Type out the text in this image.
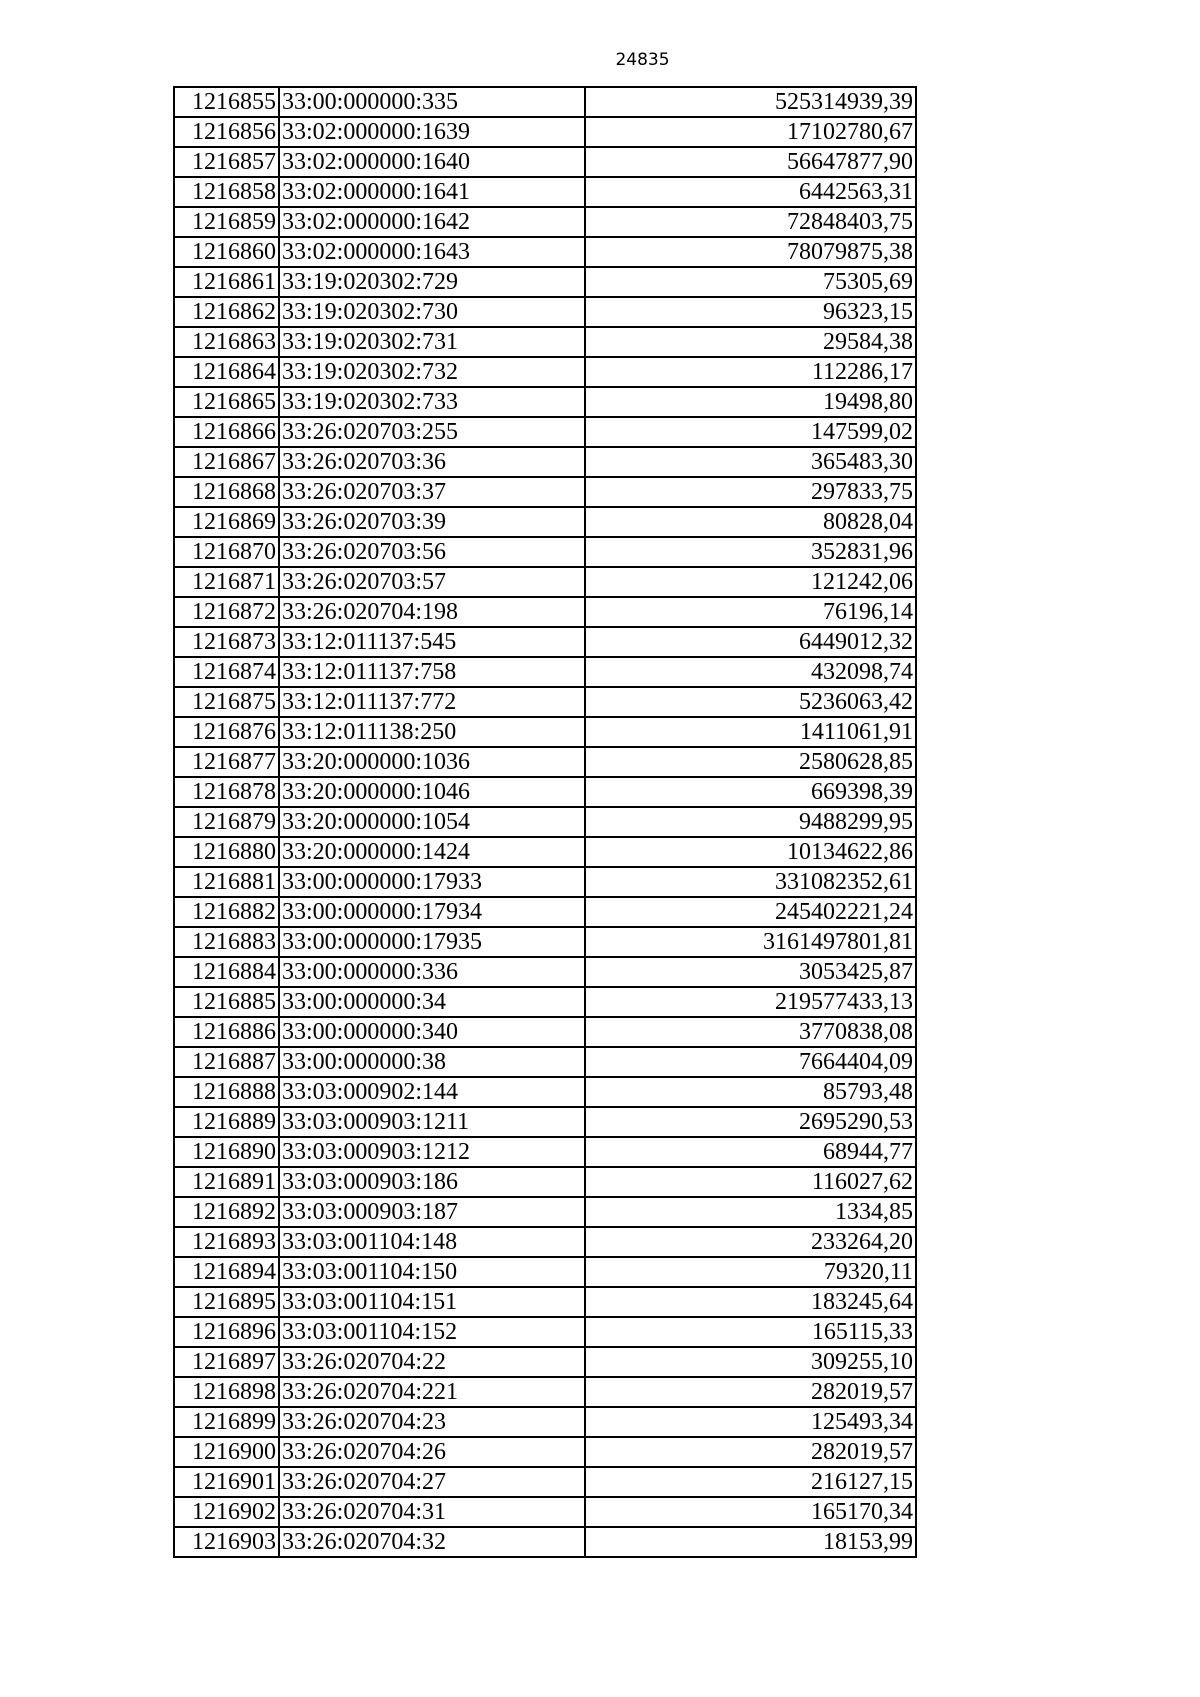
24835
1216855	33:00:000000:335	525314939,39
1216856	33:02:000000:1639	17102780,67
1216857	33:02:000000:1640	56647877,90
1216858	33:02:000000:1641	6442563,31
1216859	33:02:000000:1642	72848403,75
1216860	33:02:000000:1643	78079875,38
1216861	33:19:020302:729	75305,69
1216862	33:19:020302:730	96323,15
1216863	33:19:020302:731	29584,38
1216864	33:19:020302:732	112286,17
1216865	33:19:020302:733	19498,80
1216866	33:26:020703:255	147599,02
1216867	33:26:020703:36	365483,30
1216868	33:26:020703:37	297833,75
1216869	33:26:020703:39	80828,04
1216870	33:26:020703:56	352831,96
1216871	33:26:020703:57	121242,06
1216872	33:26:020704:198	76196,14
1216873	33:12:011137:545	6449012,32
1216874	33:12:011137:758	432098,74
1216875	33:12:011137:772	5236063,42
1216876	33:12:011138:250	1411061,91
1216877	33:20:000000:1036	2580628,85
1216878	33:20:000000:1046	669398,39
1216879	33:20:000000:1054	9488299,95
1216880	33:20:000000:1424	10134622,86
1216881	33:00:000000:17933	331082352,61
1216882	33:00:000000:17934	245402221,24
1216883	33:00:000000:17935	3161497801,81
1216884	33:00:000000:336	3053425,87
1216885	33:00:000000:34	219577433,13
1216886	33:00:000000:340	3770838,08
1216887	33:00:000000:38	7664404,09
1216888	33:03:000902:144	85793,48
1216889	33:03:000903:1211	2695290,53
1216890	33:03:000903:1212	68944,77
1216891	33:03:000903:186	116027,62
1216892	33:03:000903:187	1334,85
1216893	33:03:001104:148	233264,20
1216894	33:03:001104:150	79320,11
1216895	33:03:001104:151	183245,64
1216896	33:03:001104:152	165115,33
1216897	33:26:020704:22	309255,10
1216898	33:26:020704:221	282019,57
1216899	33:26:020704:23	125493,34
1216900	33:26:020704:26	282019,57
1216901	33:26:020704:27	216127,15
1216902	33:26:020704:31	165170,34
1216903	33:26:020704:32	18153,99
